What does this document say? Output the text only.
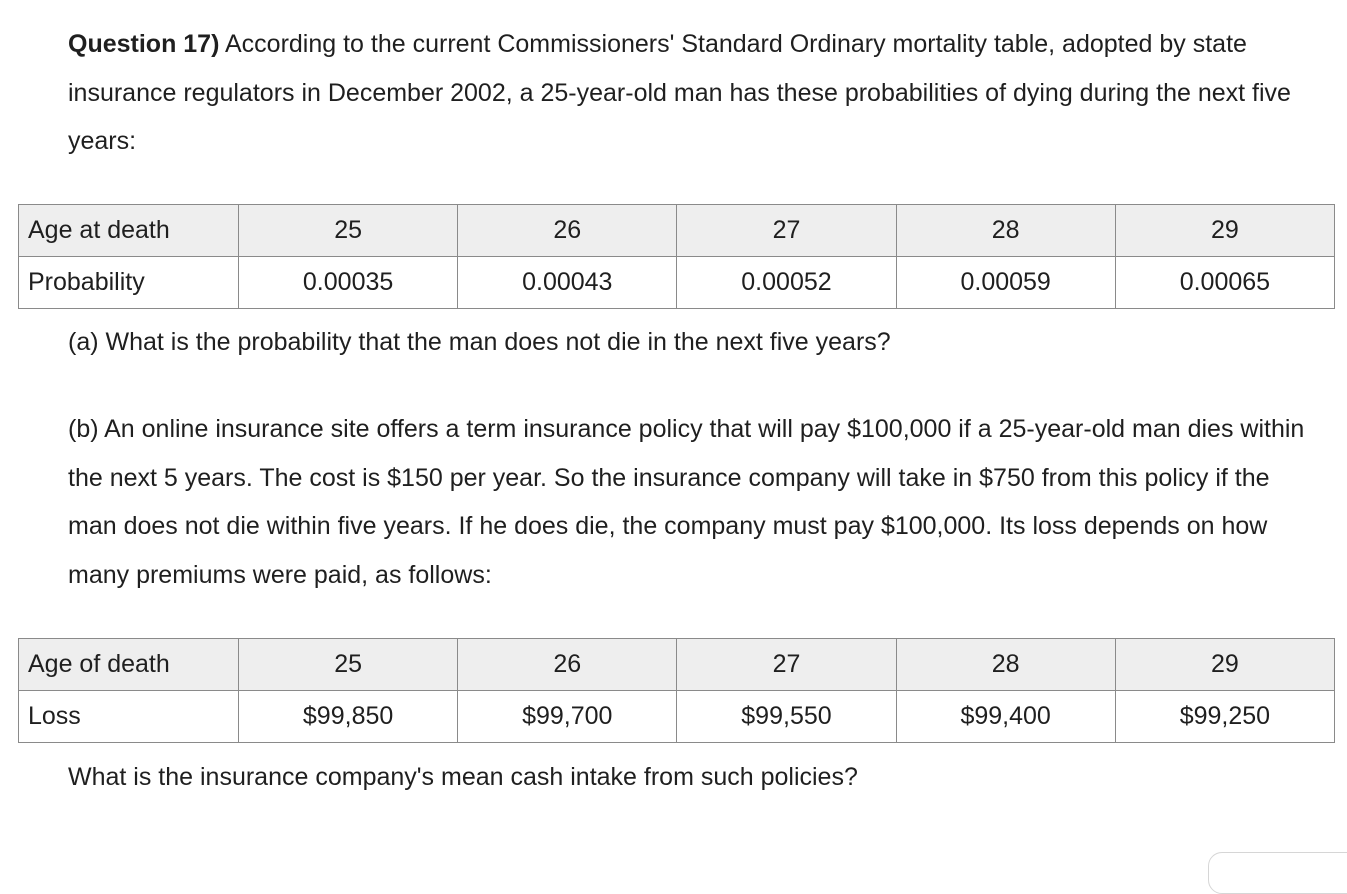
Question 17) According to the current Commissioners' Standard Ordinary mortality table, adopted by state insurance regulators in December 2002, a 25-year-old man has these probabilities of dying during the next five years:

Age at death	25	26	27	28	29
Probability	0.00035	0.00043	0.00052	0.00059	0.00065

(a) What is the probability that the man does not die in the next five years?

(b) An online insurance site offers a term insurance policy that will pay $100,000 if a 25-year-old man dies within the next 5 years. The cost is $150 per year. So the insurance company will take in $750 from this policy if the man does not die within five years. If he does die, the company must pay $100,000. Its loss depends on how many premiums were paid, as follows:

Age of death	25	26	27	28	29
Loss	$99,850	$99,700	$99,550	$99,400	$99,250

What is the insurance company's mean cash intake from such policies?
